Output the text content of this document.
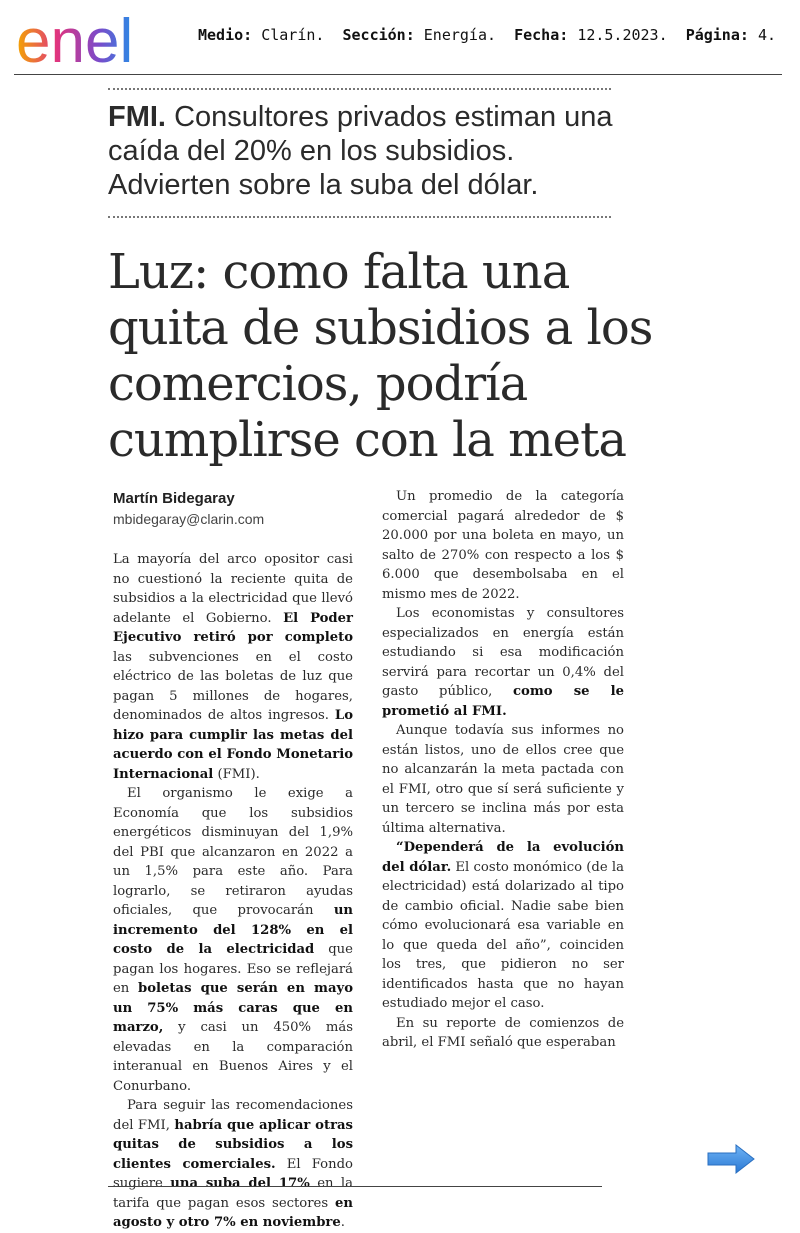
enel	Medio: Clarín. Sección: Energía. Fecha: 12.5.2023. Página: 4.
FMI. Consultores privados estiman una caída del 20% en los subsidios. Advierten sobre la suba del dólar.
Luz: como falta una quita de subsidios a los comercios, podría cumplirse con la meta
Martín Bidegaray
mbidegaray@clarin.com

La mayoría del arco opositor casi no cuestionó la reciente quita de subsidios a la electricidad que llevó adelante el Gobierno. El Poder Ejecutivo retiró por completo las subvenciones en el costo eléctrico de las boletas de luz que pagan 5 millones de hogares, denominados de altos ingresos. Lo hizo para cumplir las metas del acuerdo con el Fondo Monetario Internacional (FMI).

El organismo le exige a Economía que los subsidios energéticos disminuyan del 1,9% del PBI que alcanzaron en 2022 a un 1,5% para este año. Para lograrlo, se retiraron ayudas oficiales, que provocarán un incremento del 128% en el costo de la electricidad que pagan los hogares. Eso se reflejará en boletas que serán en mayo un 75% más caras que en marzo, y casi un 450% más elevadas en la comparación interanual en Buenos Aires y el Conurbano.

Para seguir las recomendaciones del FMI, habría que aplicar otras quitas de subsidios a los clientes comerciales. El Fondo sugiere una suba del 17% en la tarifa que pagan esos sectores en agosto y otro 7% en noviembre.

Un promedio de la categoría comercial pagará alrededor de $ 20.000 por una boleta en mayo, un salto de 270% con respecto a los $ 6.000 que desembolsaba en el mismo mes de 2022.

Los economistas y consultores especializados en energía están estudiando si esa modificación servirá para recortar un 0,4% del gasto público, como se le prometió al FMI.

Aunque todavía sus informes no están listos, uno de ellos cree que no alcanzarán la meta pactada con el FMI, otro que sí será suficiente y un tercero se inclina más por esta última alternativa.

“Dependerá de la evolución del dólar. El costo monómico (de la electricidad) está dolarizado al tipo de cambio oficial. Nadie sabe bien cómo evolucionará esa variable en lo que queda del año”, coinciden los tres, que pidieron no ser identificados hasta que no hayan estudiado mejor el caso.

En su reporte de comienzos de abril, el FMI señaló que esperaban
